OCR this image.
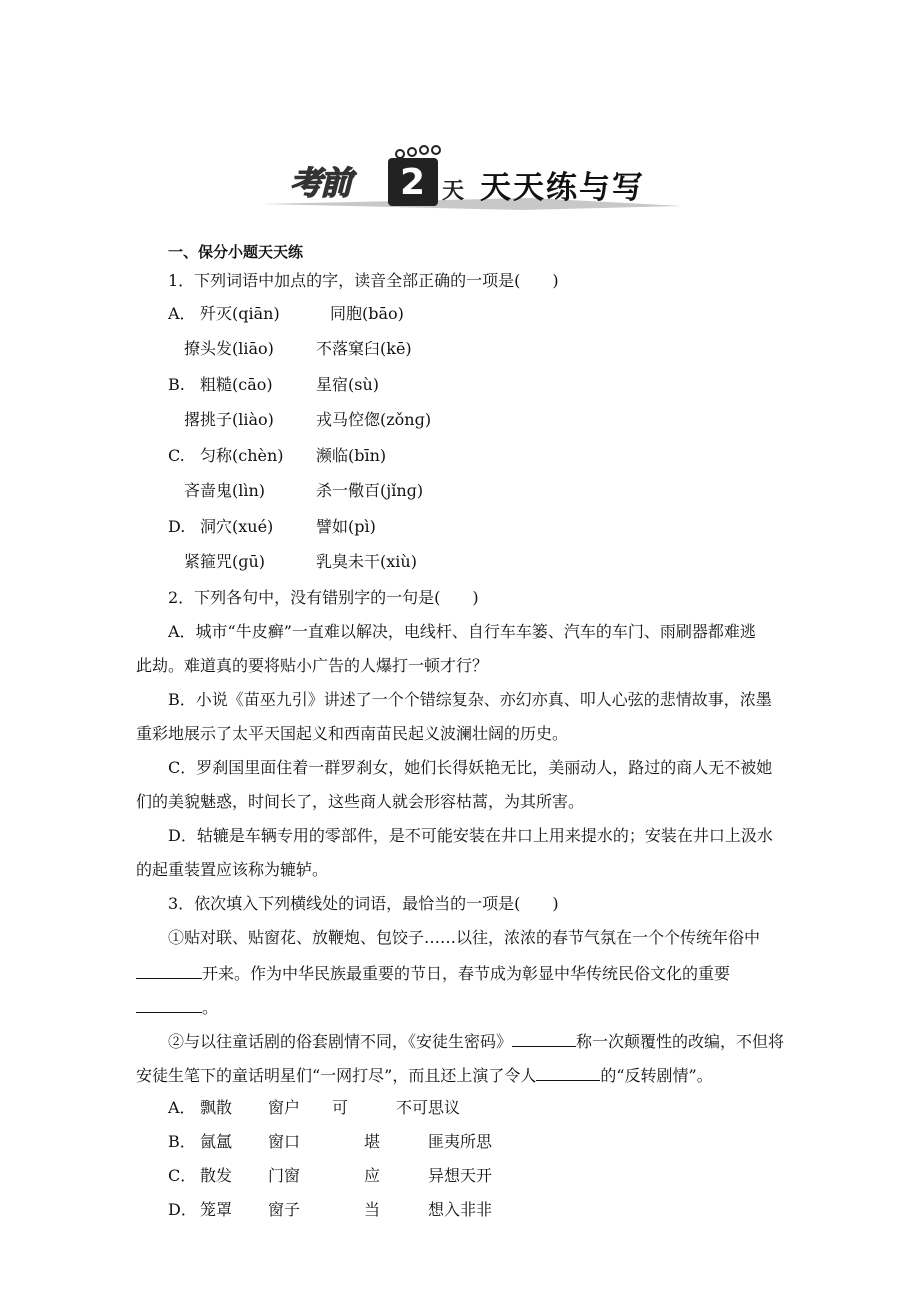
考前 2 天 天天练与写
一、保分小题天天练
1．下列词语中加点的字，读音全部正确的一项是(　　)
A． 歼灭(qiān)	同胞(bāo)
撩头发(liāo)	不落窠臼(kē)
B. 粗糙(cāo)	星宿(sù)
撂挑子(liào)	戎马倥偬(zǒnɡ)
C. 匀称(chèn) 濒临(bīn)
吝啬鬼(lìn)	杀一儆百(jǐnɡ)
D. 洞穴(xué)	譬如(pì)
紧箍咒(ɡū)	乳臭未干(xiù)
2．下列各句中，没有错别字的一句是(　　)
A．城市“牛皮癣”一直难以解决，电线杆、自行车车篓、汽车的车门、雨刷器都难逃
此劫。难道真的要将贴小广告的人爆打一顿才行？
B．小说《苗巫九引》讲述了一个个错综复杂、亦幻亦真、叩人心弦的悲情故事，浓墨
重彩地展示了太平天国起义和西南苗民起义波澜壮阔的历史。
C．罗刹国里面住着一群罗刹女，她们长得妖艳无比，美丽动人，路过的商人无不被她
们的美貌魅惑，时间长了，这些商人就会形容枯蒿，为其所害。
D．轱辘是车辆专用的零部件，是不可能安装在井口上用来提水的；安装在井口上汲水
的起重装置应该称为辘轳。
3．依次填入下列横线处的词语，最恰当的一项是(　　)
①贴对联、贴窗花、放鞭炮、包饺子……以往，浓浓的春节气氛在一个个传统年俗中
开来。作为中华民族最重要的节日，春节成为彰显中华传统民俗文化的重要
。
②与以往童话剧的俗套剧情不同，《安徒生密码》	称一次颠覆性的改编，不但将
安徒生笔下的童话明星们“一网打尽”，而且还上演了令人	的“反转剧情”。
A． 飘散 窗户 可	不可思议
B． 氤氲 窗口	堪	匪夷所思
C． 散发 门窗	应	异想天开
D． 笼罩 窗子	当	想入非非
